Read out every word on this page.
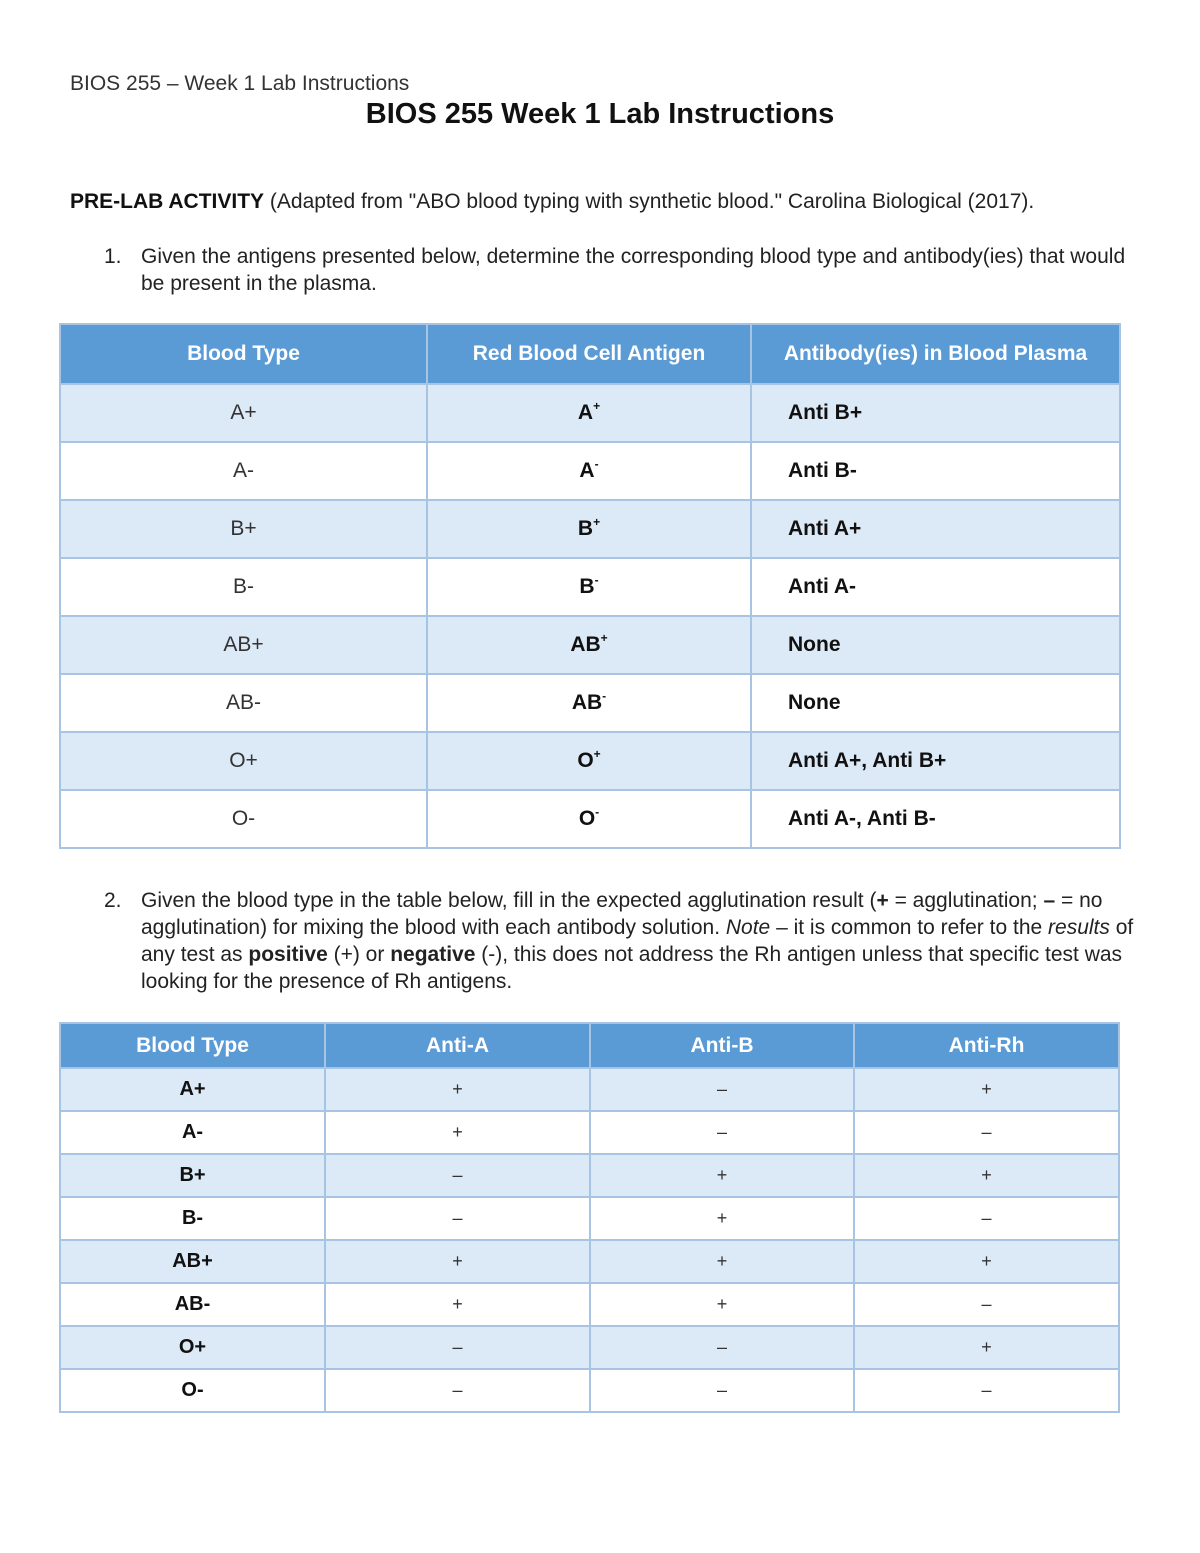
BIOS 255 – Week 1 Lab Instructions
BIOS 255 Week 1 Lab Instructions
PRE-LAB ACTIVITY (Adapted from "ABO blood typing with synthetic blood." Carolina Biological (2017).
1. Given the antigens presented below, determine the corresponding blood type and antibody(ies) that would be present in the plasma.
Blood Type	Red Blood Cell Antigen	Antibody(ies) in Blood Plasma
A+	A+	Anti B+
A-	A-	Anti B-
B+	B+	Anti A+
B-	B-	Anti A-
AB+	AB+	None
AB-	AB-	None
O+	O+	Anti A+, Anti B+
O-	O-	Anti A-, Anti B-
2. Given the blood type in the table below, fill in the expected agglutination result (+ = agglutination; – = no agglutination) for mixing the blood with each antibody solution. Note – it is common to refer to the results of any test as positive (+) or negative (-), this does not address the Rh antigen unless that specific test was looking for the presence of Rh antigens.
Blood Type	Anti-A	Anti-B	Anti-Rh
A+	+	–	+
A-	+	–	–
B+	–	+	+
B-	–	+	–
AB+	+	+	+
AB-	+	+	–
O+	–	–	+
O-	–	–	–
